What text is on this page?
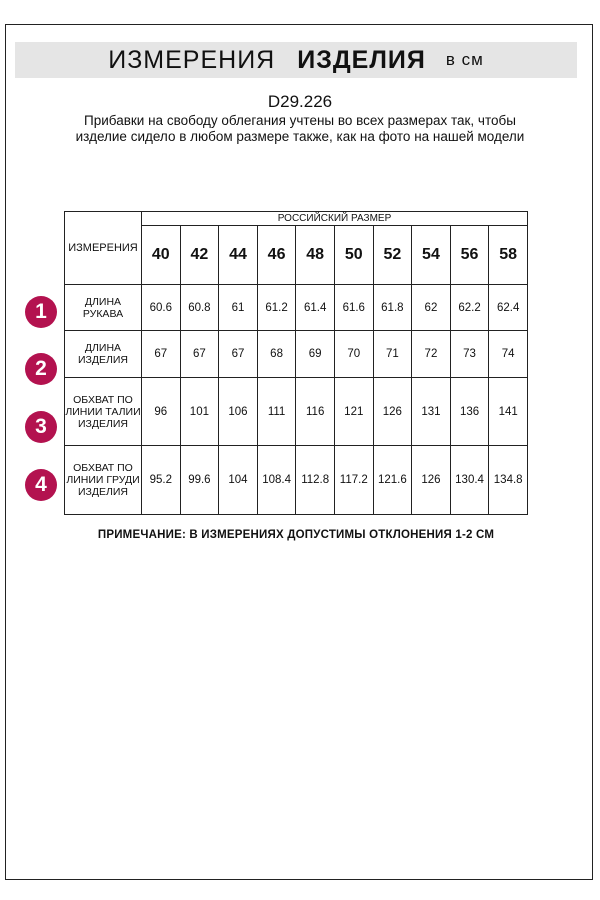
ИЗМЕРЕНИЯ ИЗДЕЛИЯ в см
D29.226
Прибавки на свободу облегания учтены во всех размерах так, чтобы изделие сидело в любом размере также, как на фото на нашей модели
ИЗМЕРЕНИЯ	РОССИЙСКИЙ РАЗМЕР									
	40	42	44	46	48	50	52	54	56	58
ДЛИНА РУКАВА	60.6	60.8	61	61.2	61.4	61.6	61.8	62	62.2	62.4
ДЛИНА ИЗДЕЛИЯ	67	67	67	68	69	70	71	72	73	74
ОБХВАТ ПО ЛИНИИ ТАЛИИ ИЗДЕЛИЯ	96	101	106	111	116	121	126	131	136	141
ОБХВАТ ПО ЛИНИИ ГРУДИ ИЗДЕЛИЯ	95.2	99.6	104	108.4	112.8	117.2	121.6	126	130.4	134.8
1
2
3
4
ПРИМЕЧАНИЕ: В ИЗМЕРЕНИЯХ ДОПУСТИМЫ ОТКЛОНЕНИЯ 1-2 СМ
